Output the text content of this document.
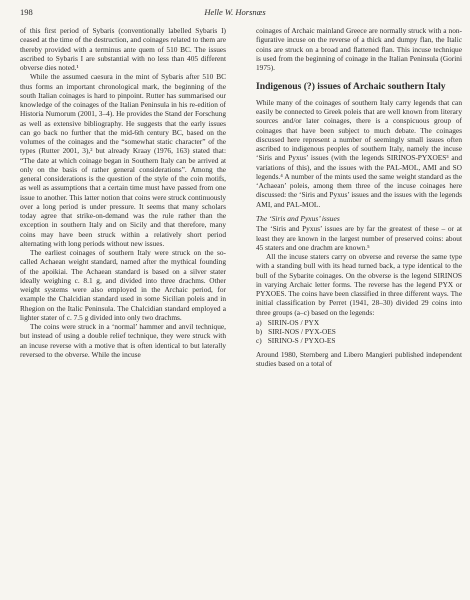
198	Helle W. Horsnæs

of this first period of Sybaris (conventionally labelled Sybaris I) ceased at the time of the destruction, and coinages related to them are thereby provided with a terminus ante quem of 510 BC. The issues ascribed to Sybaris I are substantial with no less than 405 different obverse dies noted.¹

While the assumed caesura in the mint of Sybaris after 510 BC thus forms an important chronological mark, the beginning of the south Italian coinages is hard to pinpoint. Rutter has summarised our knowledge of the coinages of the Italian Peninsula in his re-edition of Historia Numorum (2001, 3–4). He provides the Stand der Forschung as well as extensive bibliography. He suggests that the early issues can go back no further that the mid-6th century BC, based on the volumes of the coinages and the “somewhat static character” of the types (Rutter 2001, 3),² but already Kraay (1976, 163) stated that: “The date at which coinage began in Southern Italy can be arrived at only on the basis of rather general considerations”. Among the general considerations is the question of the style of the coin motifs, as well as assumptions that a certain time must have passed from one issue to another. This latter notion that coins were struck continuously over a long period is under pressure. It seems that many scholars today agree that strike-on-demand was the rule rather than the exception in southern Italy and on Sicily and that therefore, many coins may have been struck within a relatively short period alternating with long periods without new issues.

The earliest coinages of southern Italy were struck on the so-called Achaean weight standard, named after the mythical founding of the apoikiai. The Achaean standard is based on a silver stater ideally weighing c. 8.1 g, and divided into three drachms. Other weight systems were also employed in the Archaic period, for example the Chalcidian standard used in some Sicilian poleis and in Rhegion on the Italic Peninsula. The Chalcidian standard employed a lighter stater of c. 7.5 g divided into only two drachms.

The coins were struck in a ‘normal’ hammer and anvil technique, but instead of using a double relief technique, they were struck with an incuse reverse with a motive that is often identical to but laterally reversed to the obverse. While the incuse

coinages of Archaic mainland Greece are normally struck with a non-figurative incuse on the reverse of a thick and dumpy flan, the Italic coins are struck on a broad and flattened flan. This incuse technique is used from the beginning of coinage in the Italian Peninsula (Gorini 1975).

Indigenous (?) issues of Archaic southern Italy

While many of the coinages of southern Italy carry legends that can easily be connected to Greek poleis that are well known from literary sources and/or later coinages, there is a conspicuous group of coinages that have been subject to much debate. The coinages discussed here represent a number of seemingly small issues often ascribed to indigenous peoples of southern Italy, namely the incuse ‘Siris and Pyxus’ issues (with the legends SIRINOS-PYXOES³ and variations of this), and the issues with the PAL-MOL, AMI and SO legends.⁴ A number of the mints used the same weight standard as the ‘Achaean’ poleis, among them three of the incuse coinages here discussed: the ‘Siris and Pyxus’ issues and the issues with the legends AMI, and PAL-MOL.

The ‘Siris and Pyxus’ issues

The ‘Siris and Pyxus’ issues are by far the greatest of these – or at least they are known in the largest number of preserved coins: about 45 staters and one drachm are known.⁵

All the incuse staters carry on obverse and reverse the same type with a standing bull with its head turned back, a type identical to the bull of the Sybarite coinages. On the obverse is the legend SIRINOS in varying Archaic letter forms. The reverse has the legend PYX or PYXOES. The coins have been classified in three different ways. The initial classification by Perret (1941, 28–30) divided 29 coins into three groups (a–c) based on the legends:

a) SIRIN-OS / PYX
b) SIRI-NOS / PYX-OES
c) SIRINO-S / PYXO-ES

Around 1980, Sternberg and Libero Mangieri published independent studies based on a total of
